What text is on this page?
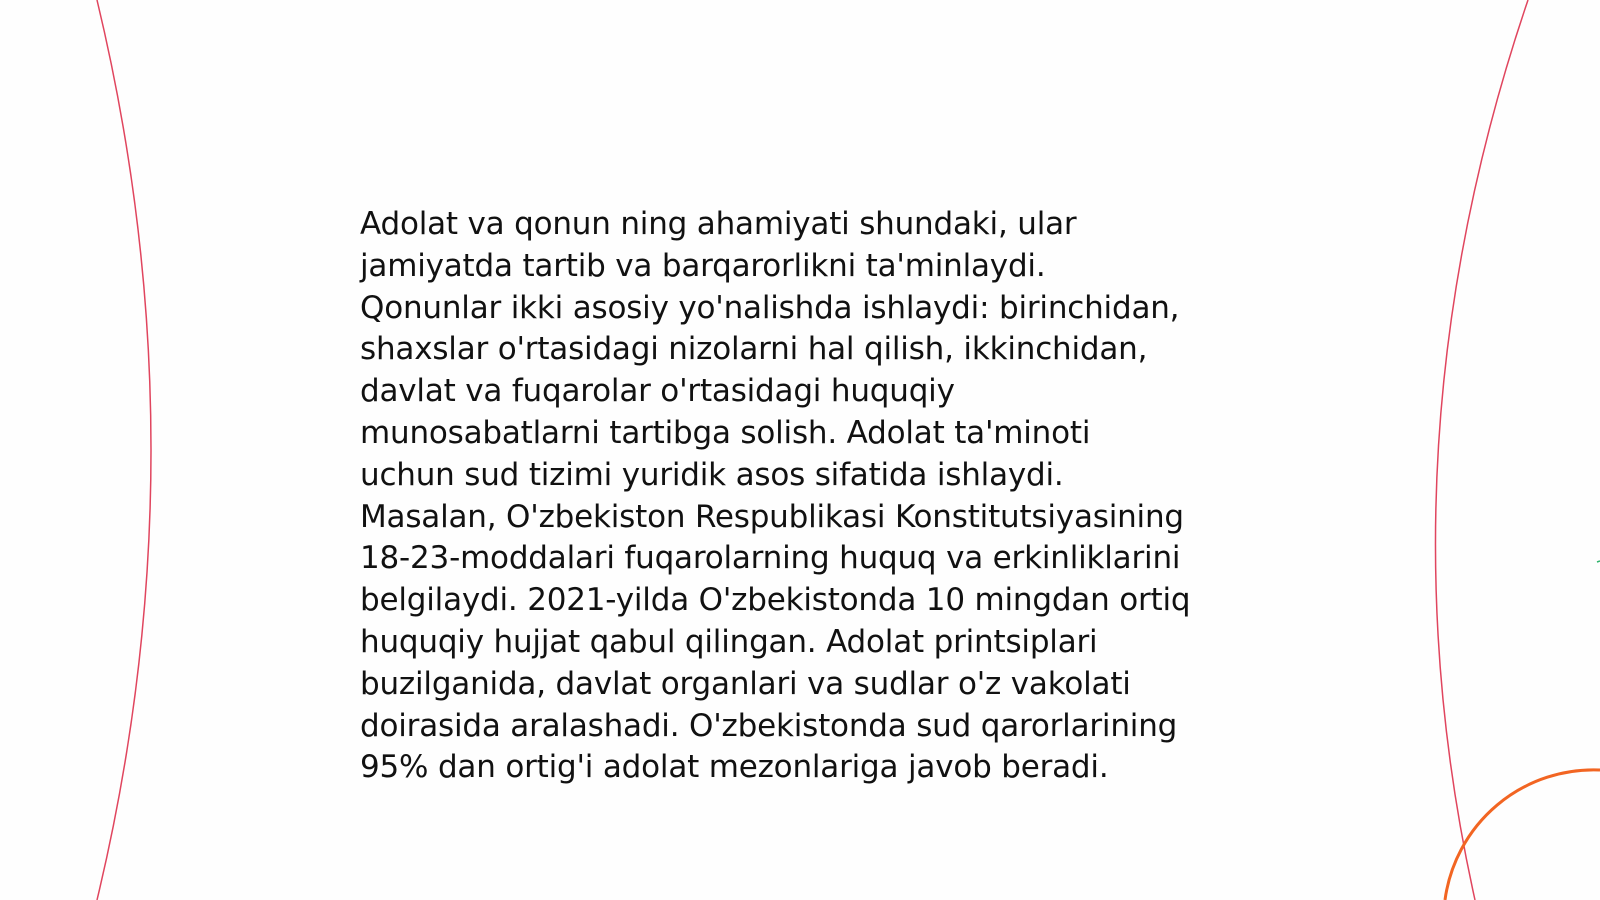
Adolat va qonun ning ahamiyati shundaki, ular
jamiyatda tartib va barqarorlikni ta'minlaydi.
Qonunlar ikki asosiy yo'nalishda ishlaydi: birinchidan,
shaxslar o'rtasidagi nizolarni hal qilish, ikkinchidan,
davlat va fuqarolar o'rtasidagi huquqiy
munosabatlarni tartibga solish. Adolat ta'minoti
uchun sud tizimi yuridik asos sifatida ishlaydi.
Masalan, O'zbekiston Respublikasi Konstitutsiyasining
18-23-moddalari fuqarolarning huquq va erkinliklarini
belgilaydi. 2021-yilda O'zbekistonda 10 mingdan ortiq
huquqiy hujjat qabul qilingan. Adolat printsiplari
buzilganida, davlat organlari va sudlar o'z vakolati
doirasida aralashadi. O'zbekistonda sud qarorlarining
95% dan ortig'i adolat mezonlariga javob beradi.
